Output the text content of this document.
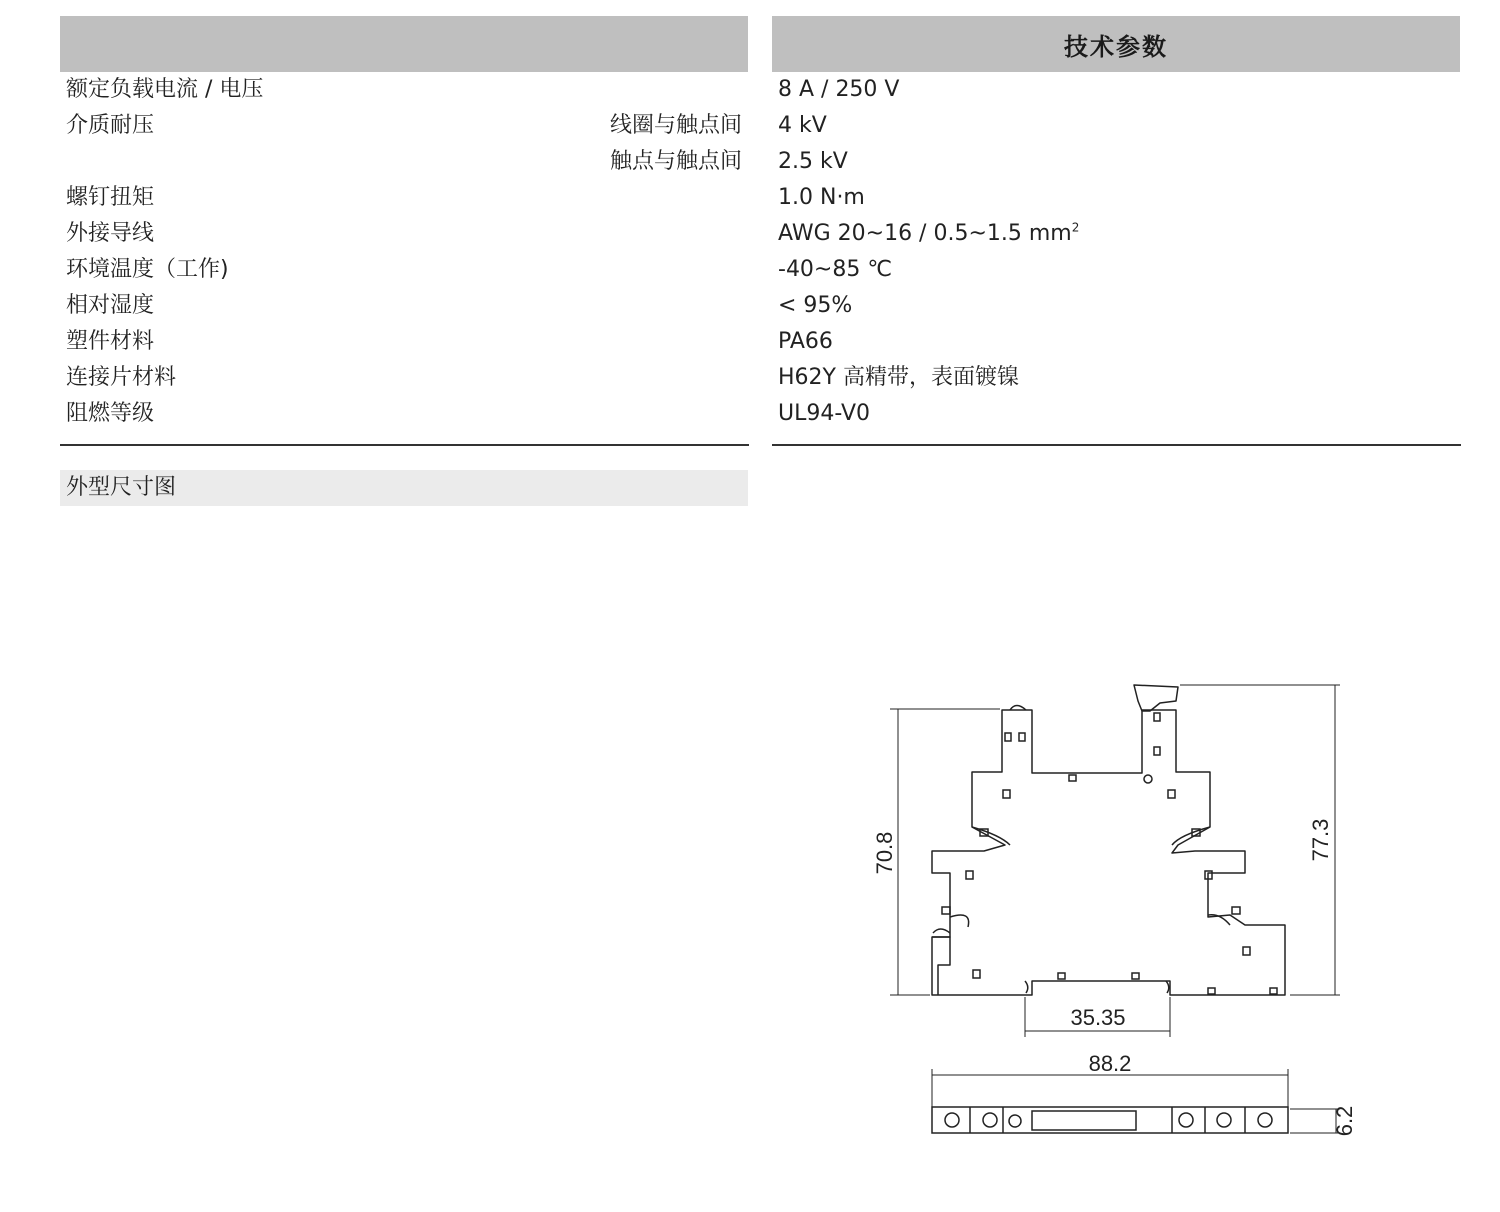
技术参数
额定负载电流 / 电压	8 A / 250 V
介质耐压	线圈与触点间 4 kV
触点与触点间 2.5 kV
螺钉扭矩	1.0 N·m
外接导线	AWG 20~16 / 0.5~1.5 $mm^2$
环境温度（工作)	-40~85 ℃
相对湿度	< 95%
塑件材料	PA66
连接片材料	H62Y 高精带，表面镀镍
阻燃等级	UL94-V0
外型尺寸图
70.8	77.3
35.35
88.2
6.2
